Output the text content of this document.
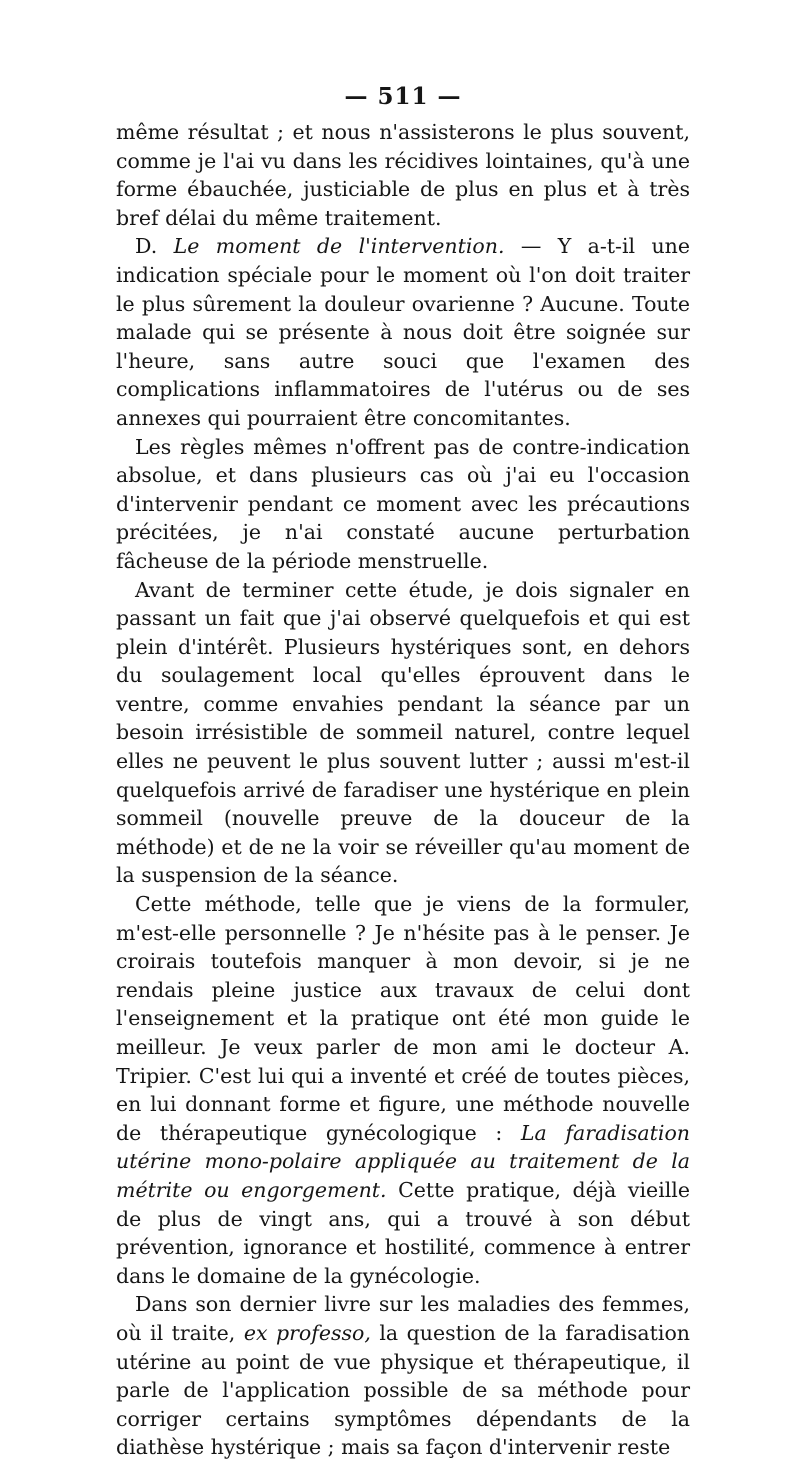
— 511 —

même résultat ; et nous n'assisterons le plus souvent, comme je l'ai vu dans les récidives lointaines, qu'à une forme ébauchée, justiciable de plus en plus et à très bref délai du même traitement.

D. Le moment de l'intervention. — Y a-t-il une indication spéciale pour le moment où l'on doit traiter le plus sûrement la douleur ovarienne ? Aucune. Toute malade qui se présente à nous doit être soignée sur l'heure, sans autre souci que l'examen des complications inflammatoires de l'utérus ou de ses annexes qui pourraient être concomitantes.

Les règles mêmes n'offrent pas de contre-indication absolue, et dans plusieurs cas où j'ai eu l'occasion d'intervenir pendant ce moment avec les précautions précitées, je n'ai constaté aucune perturbation fâcheuse de la période menstruelle.

Avant de terminer cette étude, je dois signaler en passant un fait que j'ai observé quelquefois et qui est plein d'intérêt. Plusieurs hystériques sont, en dehors du soulagement local qu'elles éprouvent dans le ventre, comme envahies pendant la séance par un besoin irrésistible de sommeil naturel, contre lequel elles ne peuvent le plus souvent lutter ; aussi m'est-il quelquefois arrivé de faradiser une hystérique en plein sommeil (nouvelle preuve de la douceur de la méthode) et de ne la voir se réveiller qu'au moment de la suspension de la séance.

Cette méthode, telle que je viens de la formuler, m'est-elle personnelle ? Je n'hésite pas à le penser. Je croirais toutefois manquer à mon devoir, si je ne rendais pleine justice aux travaux de celui dont l'enseignement et la pratique ont été mon guide le meilleur. Je veux parler de mon ami le docteur A. Tripier. C'est lui qui a inventé et créé de toutes pièces, en lui donnant forme et figure, une méthode nouvelle de thérapeutique gynécologique : La faradisation utérine mono-polaire appliquée au traitement de la métrite ou engorgement. Cette pratique, déjà vieille de plus de vingt ans, qui a trouvé à son début prévention, ignorance et hostilité, commence à entrer dans le domaine de la gynécologie.

Dans son dernier livre sur les maladies des femmes, où il traite, ex professo, la question de la faradisation utérine au point de vue physique et thérapeutique, il parle de l'application possible de sa méthode pour corriger certains symptômes dépendants de la diathèse hystérique ; mais sa façon d'intervenir reste
